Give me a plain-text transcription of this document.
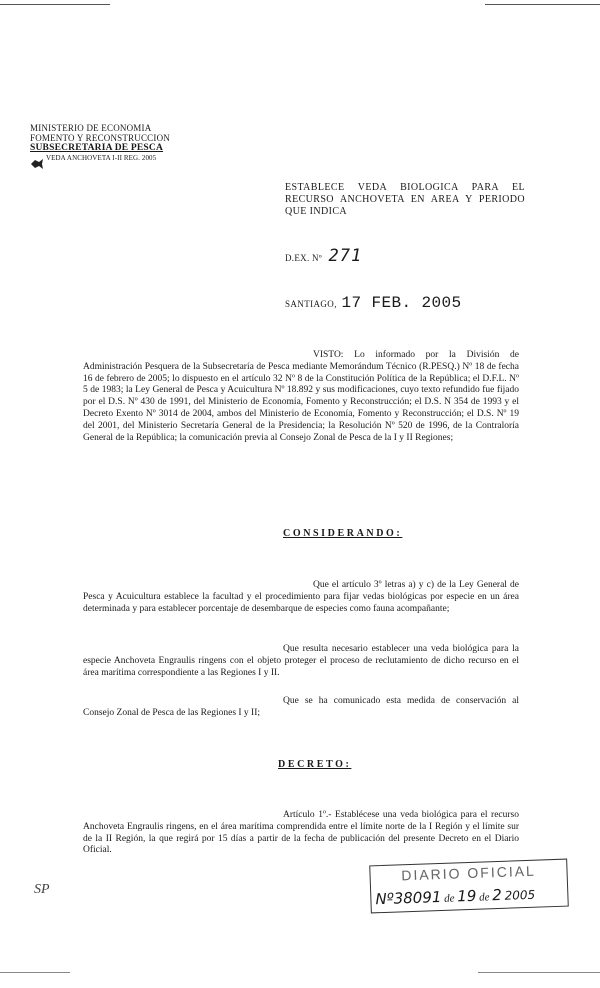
MINISTERIO DE ECONOMIA
FOMENTO Y RECONSTRUCCION
SUBSECRETARIA DE PESCA
VEDA ANCHOVETA I-II REG. 2005
ESTABLECE VEDA BIOLOGICA PARA EL RECURSO ANCHOVETA EN AREA Y PERIODO QUE INDICA
D.EX. Nº 271
SANTIAGO, 17 FEB. 2005
VISTO: Lo informado por la División de Administración Pesquera de la Subsecretaría de Pesca mediante Memorándum Técnico (R.PESQ.) Nº 18 de fecha 16 de febrero de 2005; lo dispuesto en el artículo 32 Nº 8 de la Constitución Política de la República; el D.F.L. Nº 5 de 1983; la Ley General de Pesca y Acuicultura Nº 18.892 y sus modificaciones, cuyo texto refundido fue fijado por el D.S. Nº 430 de 1991, del Ministerio de Economía, Fomento y Reconstrucción; el D.S. N 354 de 1993 y el Decreto Exento Nº 3014 de 2004, ambos del Ministerio de Economía, Fomento y Reconstrucción; el D.S. Nº 19 del 2001, del Ministerio Secretaría General de la Presidencia; la Resolución Nº 520 de 1996, de la Contraloría General de la República; la comunicación previa al Consejo Zonal de Pesca de la I y II Regiones;
CONSIDERANDO:
Que el artículo 3º letras a) y c) de la Ley General de Pesca y Acuicultura establece la facultad y el procedimiento para fijar vedas biológicas por especie en un área determinada y para establecer porcentaje de desembarque de especies como fauna acompañante;
Que resulta necesario establecer una veda biológica para la especie Anchoveta Engraulis ringens con el objeto proteger el proceso de reclutamiento de dicho recurso en el área marítima correspondiente a las Regiones I y II.
Que se ha comunicado esta medida de conservación al Consejo Zonal de Pesca de las Regiones I y II;
DECRETO:
Artículo 1º.- Establécese una veda biológica para el recurso Anchoveta Engraulis ringens, en el área marítima comprendida entre el límite norte de la I Región y el límite sur de la II Región, la que regirá por 15 días a partir de la fecha de publicación del presente Decreto en el Diario Oficial.
SP
DIARIO OFICIAL
Nº38091 de 19 de 2 2005
